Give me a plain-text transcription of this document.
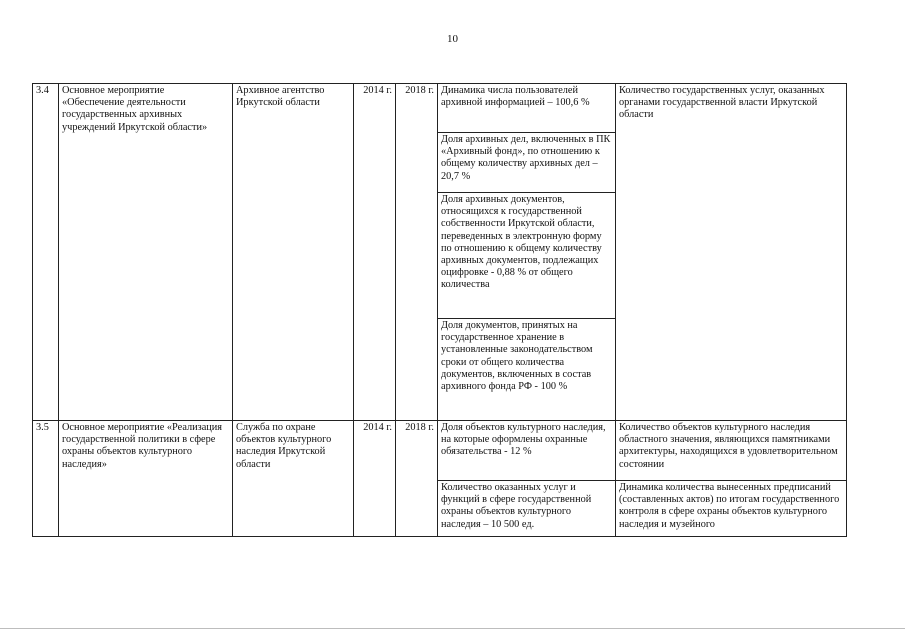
10
3.4	Основное мероприятие «Обеспечение деятельности государственных архивных учреждений Иркутской области»	Архивное агентство Иркутской области	2014 г.	2018 г.	Динамика числа пользователей архивной информацией – 100,6 %	Количество государственных услуг, оказанных органами государственной власти Иркутской области
					Доля архивных дел, включенных в ПК «Архивный фонд», по отношению к общему количеству архивных дел –20,7 %	
					Доля архивных документов, относящихся к государственной собственности Иркутской области, переведенных в электронную форму по отношению к общему количеству архивных документов, подлежащих оцифровке - 0,88 % от общего количества	
					Доля документов, принятых на государственное хранение в установленные законодательством сроки от общего количества документов, включенных в состав архивного фонда РФ - 100 %	
3.5	Основное мероприятие «Реализация государственной политики в сфере охраны объектов культурного наследия»	Служба по охране объектов культурного наследия Иркутской области	2014 г.	2018 г.	Доля объектов культурного наследия, на которые оформлены охранные обязательства - 12 %	Количество объектов культурного наследия областного значения, являющихся памятниками архитектуры, находящихся в удовлетворительном состоянии
					Количество оказанных услуг и функций в сфере государственной охраны объектов культурного наследия – 10 500 ед.	Динамика количества вынесенных предписаний (составленных актов) по итогам государственного контроля в сфере охраны объектов культурного наследия и музейного
